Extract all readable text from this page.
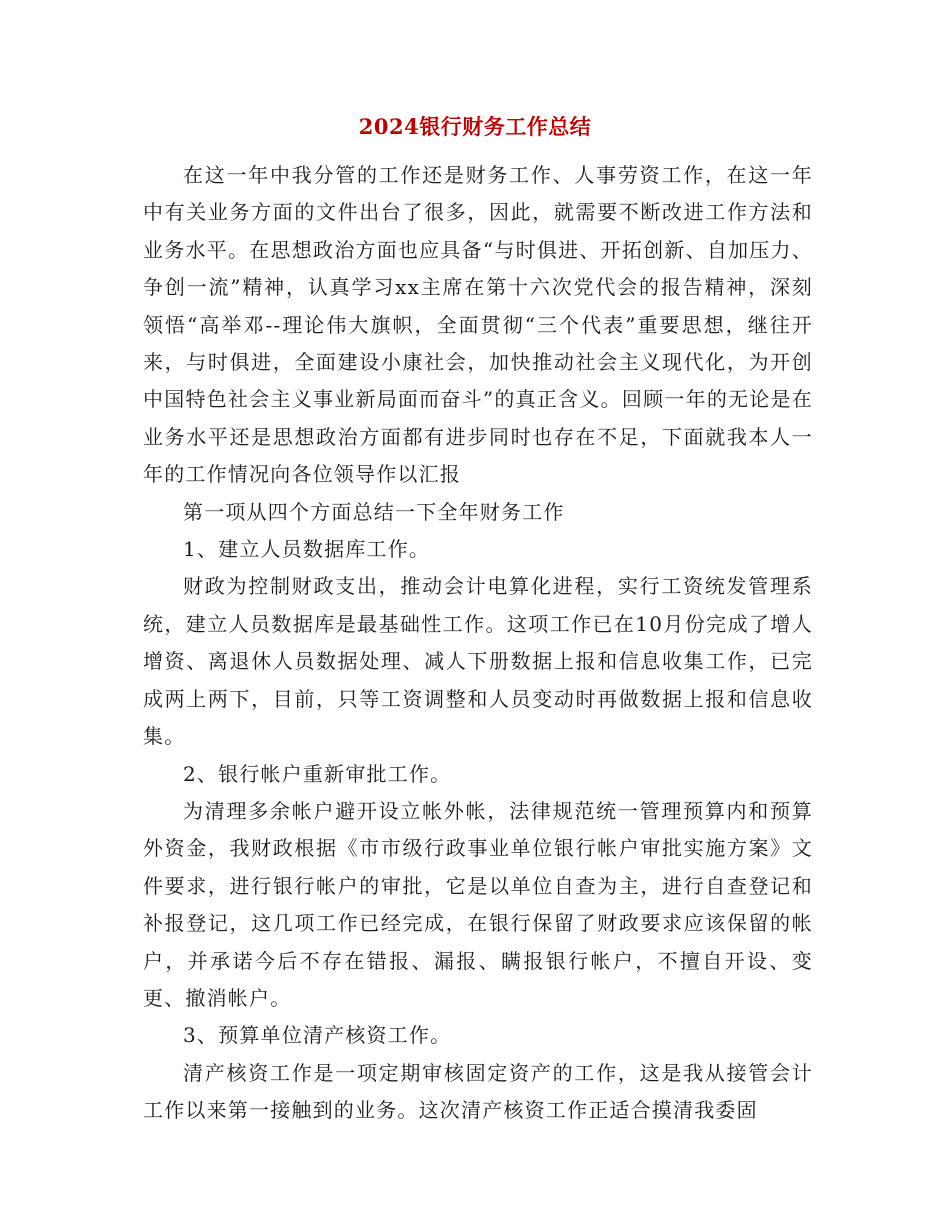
2024银行财务工作总结

在这一年中我分管的工作还是财务工作、人事劳资工作，在这一年中有关业务方面的文件出台了很多，因此，就需要不断改进工作方法和业务水平。在思想政治方面也应具备“与时俱进、开拓创新、自加压力、争创一流”精神，认真学习xx主席在第十六次党代会的报告精神，深刻领悟“高举邓--理论伟大旗帜，全面贯彻“三个代表”重要思想，继往开来，与时俱进，全面建设小康社会，加快推动社会主义现代化，为开创中国特色社会主义事业新局面而奋斗”的真正含义。回顾一年的无论是在业务水平还是思想政治方面都有进步同时也存在不足，下面就我本人一年的工作情况向各位领导作以汇报

第一项从四个方面总结一下全年财务工作

1、建立人员数据库工作。

财政为控制财政支出，推动会计电算化进程，实行工资统发管理系统，建立人员数据库是最基础性工作。这项工作已在10月份完成了增人增资、离退休人员数据处理、减人下册数据上报和信息收集工作，已完成两上两下，目前，只等工资调整和人员变动时再做数据上报和信息收集。

2、银行帐户重新审批工作。

为清理多余帐户避开设立帐外帐，法律规范统一管理预算内和预算外资金，我财政根据《市市级行政事业单位银行帐户审批实施方案》文件要求，进行银行帐户的审批，它是以单位自查为主，进行自查登记和补报登记，这几项工作已经完成，在银行保留了财政要求应该保留的帐户，并承诺今后不存在错报、漏报、瞒报银行帐户，不擅自开设、变更、撤消帐户。

3、预算单位清产核资工作。

清产核资工作是一项定期审核固定资产的工作，这是我从接管会计工作以来第一接触到的业务。这次清产核资工作正适合摸清我委固
